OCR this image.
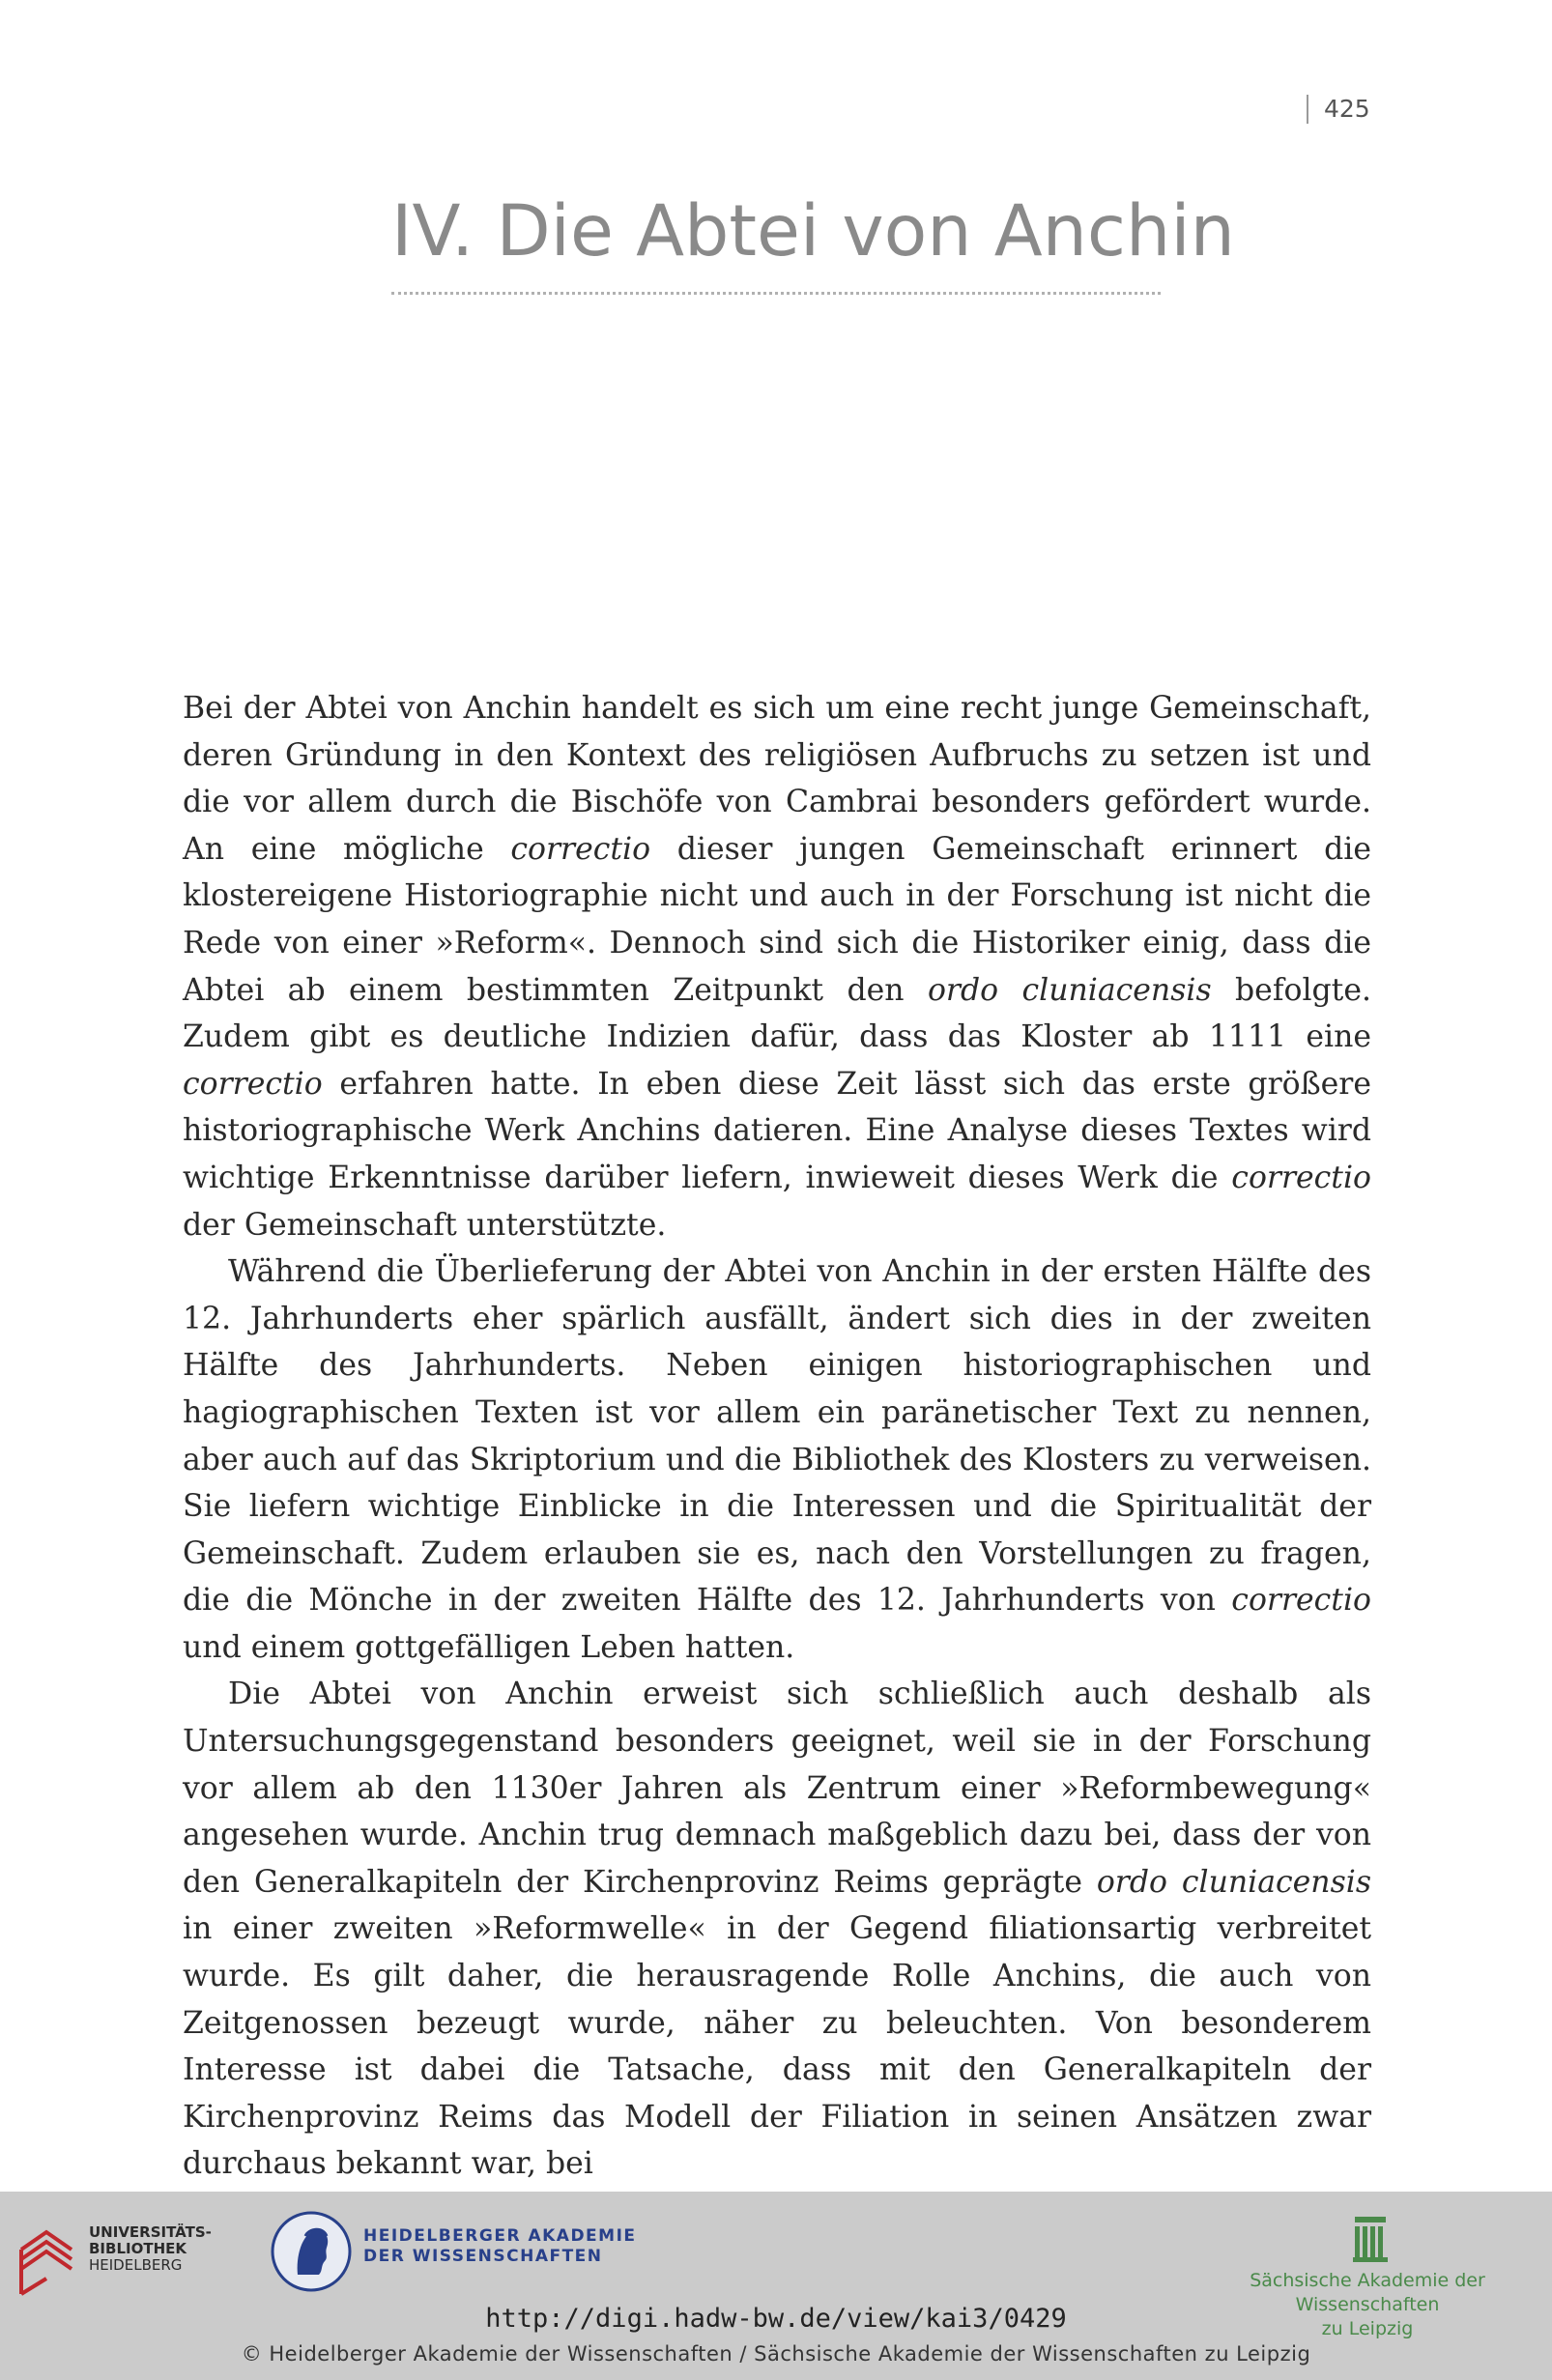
425
IV. Die Abtei von Anchin

Bei der Abtei von Anchin handelt es sich um eine recht junge Gemeinschaft, deren Gründung in den Kontext des religiösen Aufbruchs zu setzen ist und die vor allem durch die Bischöfe von Cambrai besonders gefördert wurde. An eine mögliche correctio dieser jungen Gemeinschaft erinnert die klostereigene Historiographie nicht und auch in der Forschung ist nicht die Rede von einer »Reform«. Dennoch sind sich die Historiker einig, dass die Abtei ab einem bestimmten Zeitpunkt den ordo cluniacensis befolgte. Zudem gibt es deutliche Indizien dafür, dass das Kloster ab 1111 eine correctio erfahren hatte. In eben diese Zeit lässt sich das erste größere historiographische Werk Anchins datieren. Eine Analyse dieses Textes wird wichtige Erkenntnisse darüber liefern, inwieweit dieses Werk die correctio der Gemeinschaft unterstützte.

Während die Überlieferung der Abtei von Anchin in der ersten Hälfte des 12. Jahrhunderts eher spärlich ausfällt, ändert sich dies in der zweiten Hälfte des Jahrhunderts. Neben einigen historiographischen und hagiographischen Texten ist vor allem ein paränetischer Text zu nennen, aber auch auf das Skriptorium und die Bibliothek des Klosters zu verweisen. Sie liefern wichtige Einblicke in die Interessen und die Spiritualität der Gemeinschaft. Zudem erlauben sie es, nach den Vorstellungen zu fragen, die die Mönche in der zweiten Hälfte des 12. Jahrhunderts von correctio und einem gottgefälligen Leben hatten.

Die Abtei von Anchin erweist sich schließlich auch deshalb als Untersuchungsgegenstand besonders geeignet, weil sie in der Forschung vor allem ab den 1130er Jahren als Zentrum einer »Reformbewegung« angesehen wurde. Anchin trug demnach maßgeblich dazu bei, dass der von den Generalkapiteln der Kirchenprovinz Reims geprägte ordo cluniacensis in einer zweiten »Reformwelle« in der Gegend filiationsartig verbreitet wurde. Es gilt daher, die herausragende Rolle Anchins, die auch von Zeitgenossen bezeugt wurde, näher zu beleuchten. Von besonderem Interesse ist dabei die Tatsache, dass mit den Generalkapiteln der Kirchenprovinz Reims das Modell der Filiation in seinen Ansätzen zwar durchaus bekannt war, bei

UNIVERSITÄTS-
BIBLIOTHEK
HEIDELBERG
HEIDELBERGER AKADEMIE
DER WISSENSCHAFTEN
Sächsische Akademie der Wissenschaften
zu Leipzig
http://digi.hadw-bw.de/view/kai3/0429
© Heidelberger Akademie der Wissenschaften / Sächsische Akademie der Wissenschaften zu Leipzig
